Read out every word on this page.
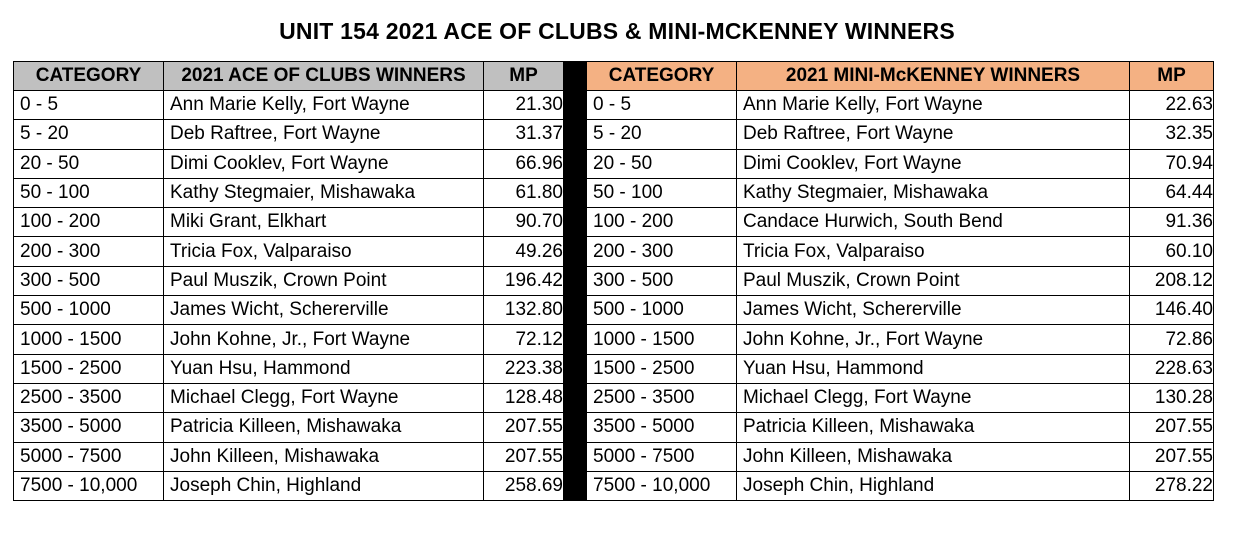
UNIT 154 2021 ACE OF CLUBS & MINI-MCKENNEY WINNERS
CATEGORY	2021 ACE OF CLUBS WINNERS	MP		CATEGORY	2021 MINI-McKENNEY WINNERS	MP
0 - 5	Ann Marie Kelly, Fort Wayne	21.30		0 - 5	Ann Marie Kelly, Fort Wayne	22.63
5 - 20	Deb Raftree, Fort Wayne	31.37		5 - 20	Deb Raftree, Fort Wayne	32.35
20 - 50	Dimi Cooklev, Fort Wayne	66.96		20 - 50	Dimi Cooklev, Fort Wayne	70.94
50 - 100	Kathy Stegmaier, Mishawaka	61.80		50 - 100	Kathy Stegmaier, Mishawaka	64.44
100 - 200	Miki Grant, Elkhart	90.70		100 - 200	Candace Hurwich, South Bend	91.36
200 - 300	Tricia Fox, Valparaiso	49.26		200 - 300	Tricia Fox, Valparaiso	60.10
300 - 500	Paul Muszik, Crown Point	196.42		300 - 500	Paul Muszik, Crown Point	208.12
500 - 1000	James Wicht, Schererville	132.80		500 - 1000	James Wicht, Schererville	146.40
1000 - 1500	John Kohne, Jr., Fort Wayne	72.12		1000 - 1500	John Kohne, Jr., Fort Wayne	72.86
1500 - 2500	Yuan Hsu, Hammond	223.38		1500 - 2500	Yuan Hsu, Hammond	228.63
2500 - 3500	Michael Clegg, Fort Wayne	128.48		2500 - 3500	Michael Clegg, Fort Wayne	130.28
3500 - 5000	Patricia Killeen, Mishawaka	207.55		3500 - 5000	Patricia Killeen, Mishawaka	207.55
5000 - 7500	John Killeen, Mishawaka	207.55		5000 - 7500	John Killeen, Mishawaka	207.55
7500 - 10,000	Joseph Chin, Highland	258.69		7500 - 10,000	Joseph Chin, Highland	278.22
